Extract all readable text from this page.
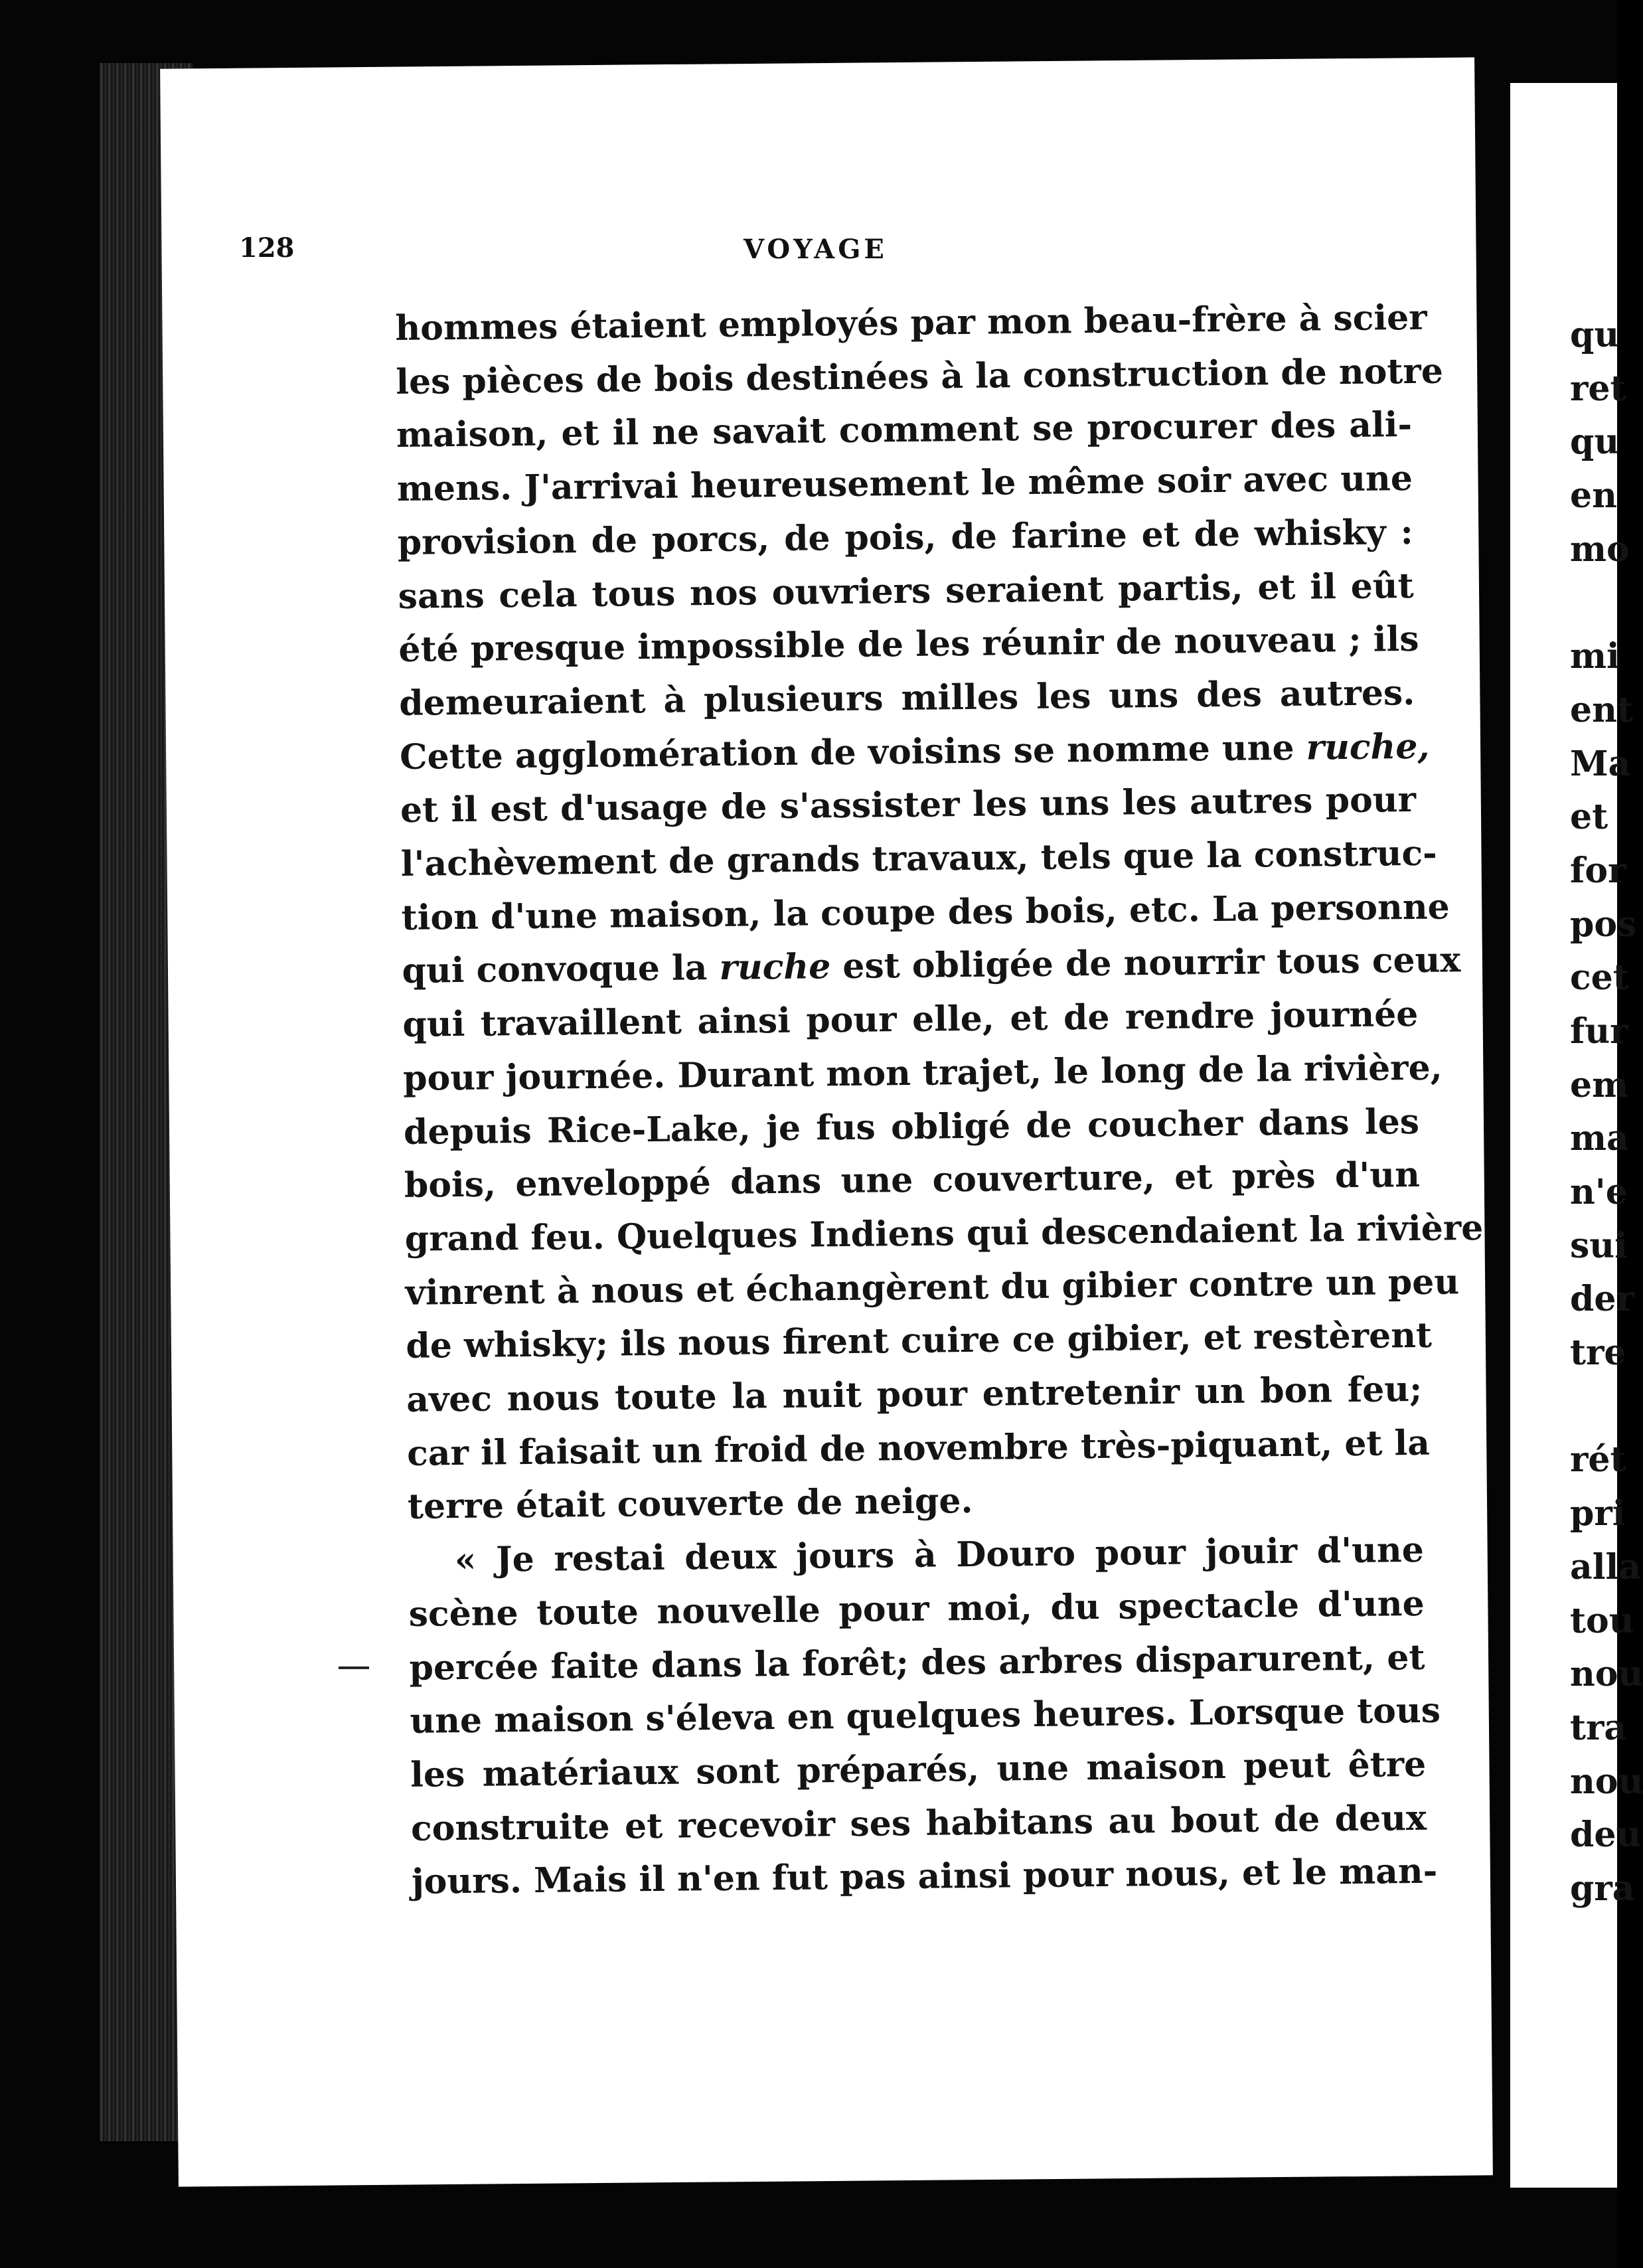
qu
ret
qu
en
mo
mi
ent
Ma
et
for
pos
cet
fur
em
ma
n'e
sui
der
tre
rét
pri
alla
tou
nou
tra
nou
deu
gra
128	VOYAGE
hommes étaient employés par mon beau-frère à scier
les pièces de bois destinées à la construction de notre
maison, et il ne savait comment se procurer des ali-
mens. J'arrivai heureusement le même soir avec une
provision de porcs, de pois, de farine et de whisky :
sans cela tous nos ouvriers seraient partis, et il eût
été presque impossible de les réunir de nouveau ; ils
demeuraient à plusieurs milles les uns des autres.
Cette agglomération de voisins se nomme une ruche,
et il est d'usage de s'assister les uns les autres pour
l'achèvement de grands travaux, tels que la construc-
tion d'une maison, la coupe des bois, etc. La personne
qui convoque la ruche est obligée de nourrir tous ceux
qui travaillent ainsi pour elle, et de rendre journée
pour journée. Durant mon trajet, le long de la rivière,
depuis Rice-Lake, je fus obligé de coucher dans les
bois, enveloppé dans une couverture, et près d'un
grand feu. Quelques Indiens qui descendaient la rivière
vinrent à nous et échangèrent du gibier contre un peu
de whisky; ils nous firent cuire ce gibier, et restèrent
avec nous toute la nuit pour entretenir un bon feu;
car il faisait un froid de novembre très-piquant, et la
terre était couverte de neige.
« Je restai deux jours à Douro pour jouir d'une
scène toute nouvelle pour moi, du spectacle d'une
percée faite dans la forêt; des arbres disparurent, et
une maison s'éleva en quelques heures. Lorsque tous
les matériaux sont préparés, une maison peut être
construite et recevoir ses habitans au bout de deux
jours. Mais il n'en fut pas ainsi pour nous, et le man-
